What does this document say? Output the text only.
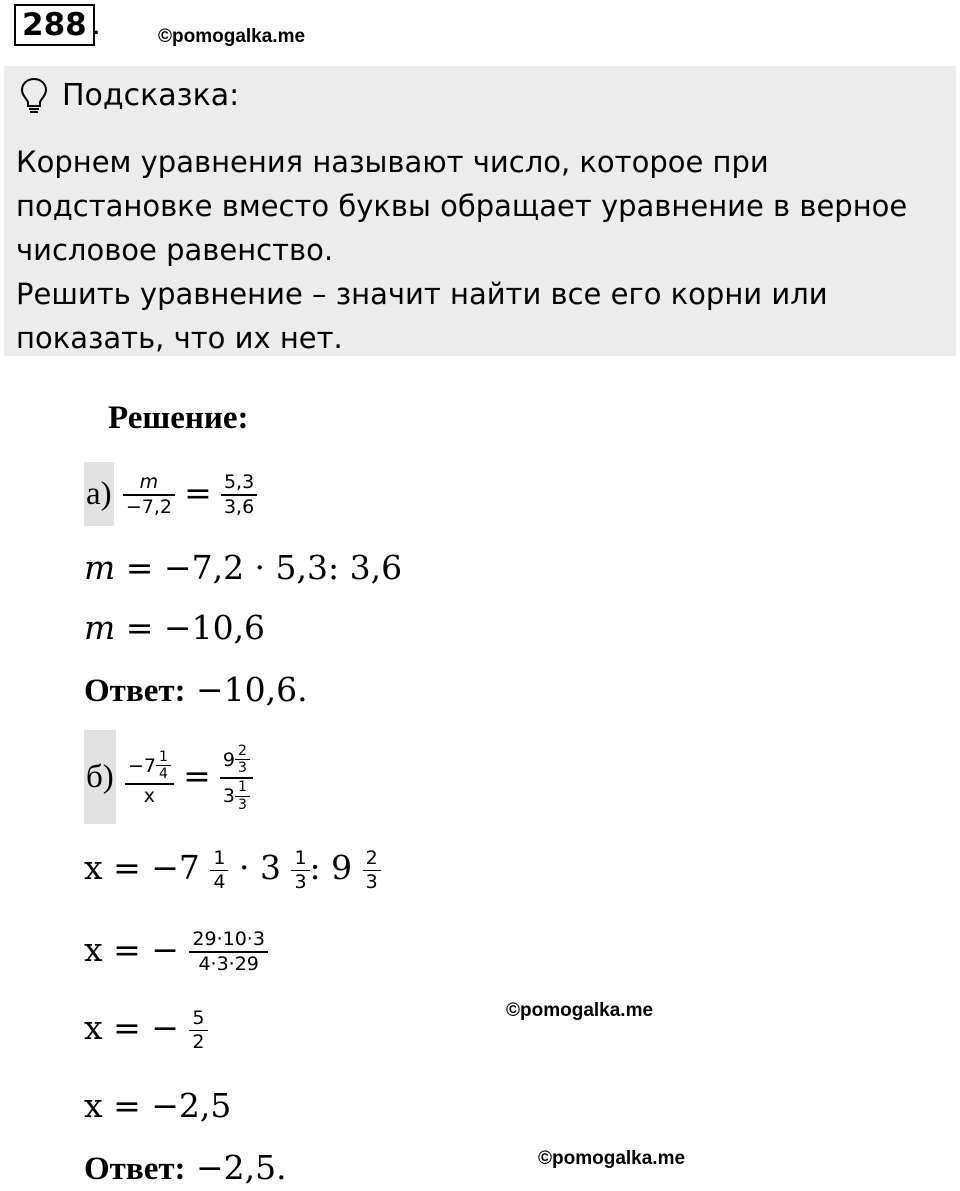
288 .	©pomogalka.me
Подсказка:
Корнем уравнения называют число, которое при
подстановке вместо буквы обращает уравнение в верное
числовое равенство.
Решить уравнение – значит найти все его корни или
показать, что их нет.
Решение:
$а) \frac{m}{-7,2} = \frac{5,3}{3,6}$
m = −7,2 · 5,3: 3,6
m = −10,6
Ответ: −10,6.
$б) \frac{-7 \frac{1}{4}}{x} = \frac{9 \frac{2}{3}}{3 \frac{1}{3}}$
$x = -7 \frac{1}{4} \cdot 3 \frac{1}{3}$ : $9 \frac{2}{3}$
x = − $\frac{29\cdot 10\cdot 3}{4\cdot 3\cdot 29}$
©pomogalka.me
x = − $\frac{5}{2}$
x = −2,5
Ответ: −2,5.	©pomogalka.me
